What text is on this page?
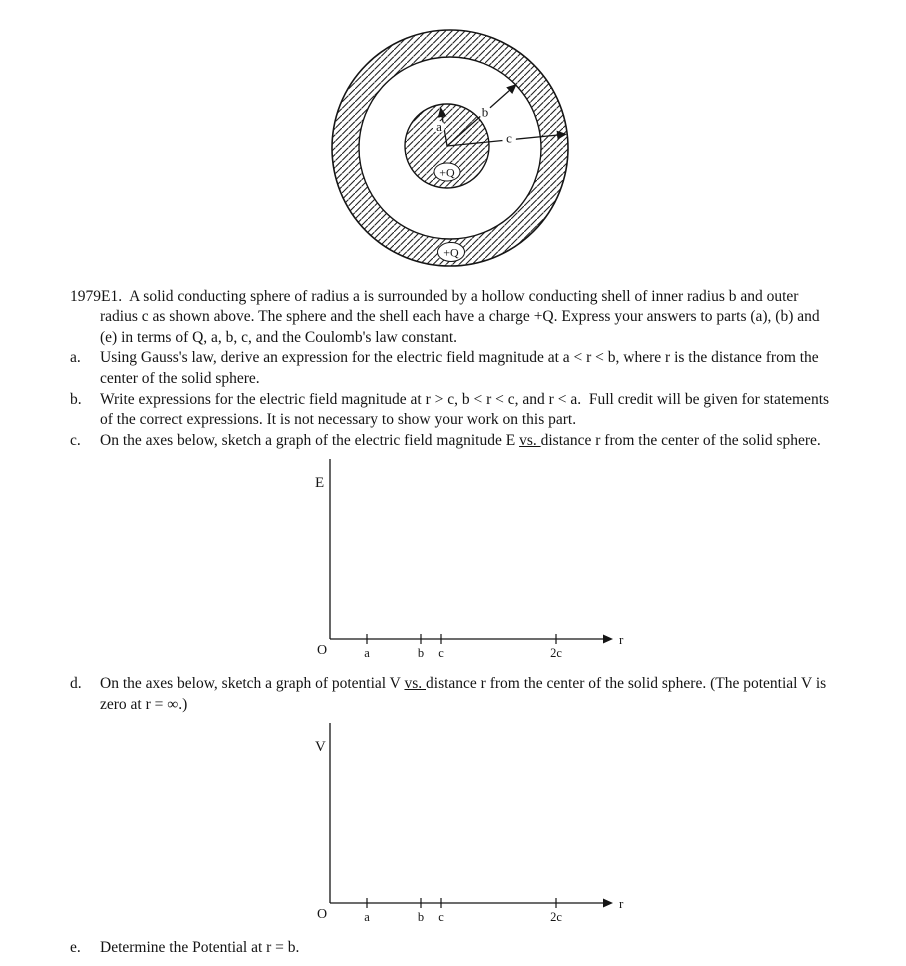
a
b
c
+Q
+Q
1979E1. A solid conducting sphere of radius a is surrounded by a hollow conducting shell of inner radius b and outer radius c as shown above. The sphere and the shell each have a charge +Q. Express your answers to parts (a), (b) and (e) in terms of Q, a, b, c, and the Coulomb's law constant.
a.	Using Gauss's law, derive an expression for the electric field magnitude at a < r < b, where r is the distance from the center of the solid sphere.
b.	Write expressions for the electric field magnitude at r > c, b < r < c, and r < a.  Full credit will be given for statements of the correct expressions. It is not necessary to show your work on this part.
c.	On the axes below, sketch a graph of the electric field magnitude E vs. distance r from the center of the solid sphere.
E
O
r
a	b c	2c
d.	On the axes below, sketch a graph of potential V vs. distance r from the center of the solid sphere. (The potential V is zero at r = ∞.)
V
O
r
a	b c	2c
e.	Determine the Potential at r = b.
